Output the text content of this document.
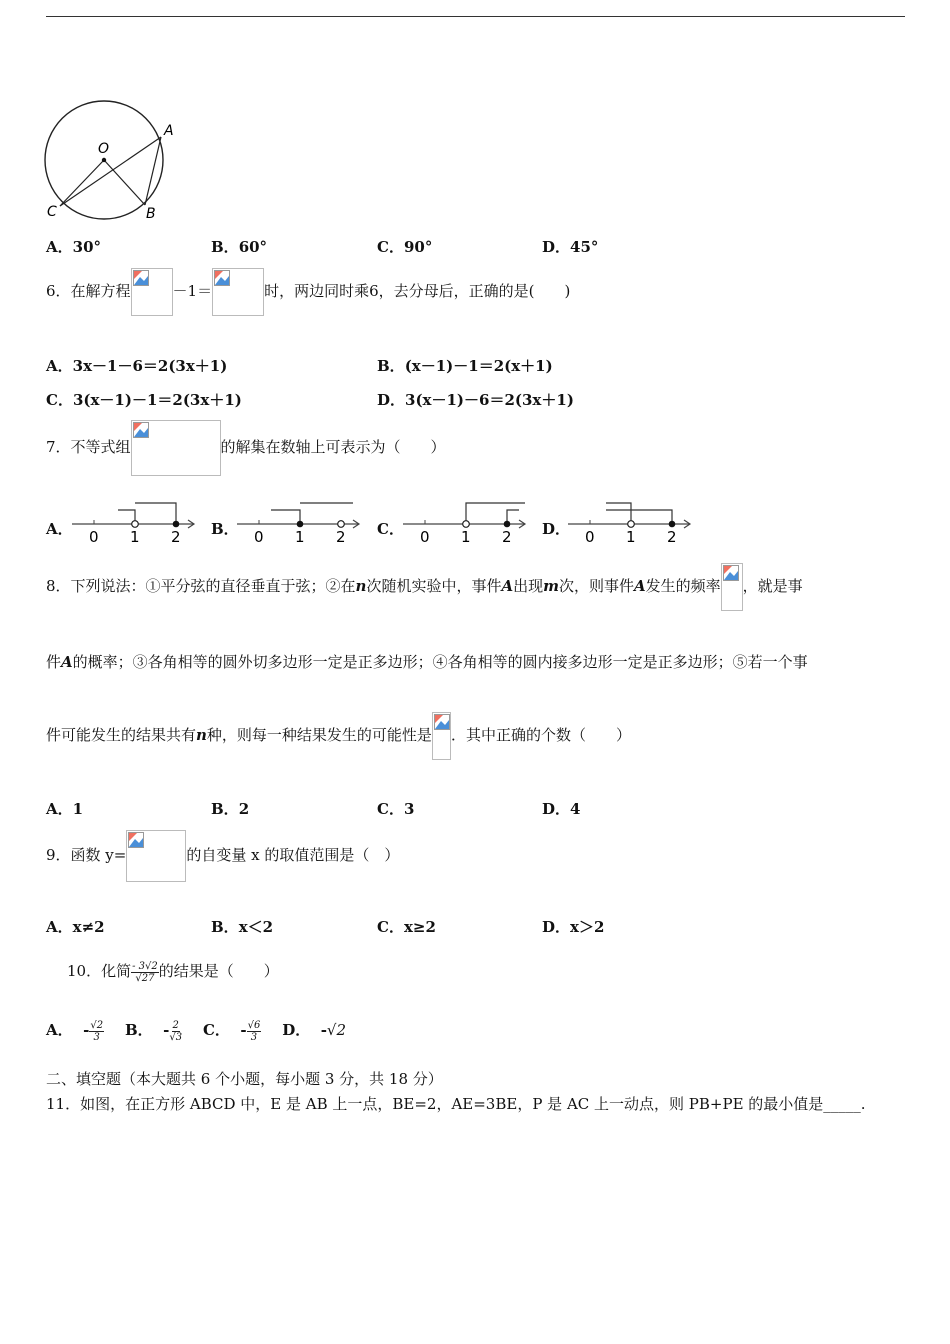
O
A
B
C
A．30°	B．60°	C．90°	D．45°
6．在解方程	－1＝	时，两边同时乘6，去分母后，正确的是(　　)
A．3x－1－6＝2(3x＋1)	B．(x－1)－1＝2(x＋1)
C．3(x－1)－1＝2(3x＋1)	D．3(x－1)－6＝2(3x＋1)
7．不等式组	的解集在数轴上可表示为（　　）
A． 0 1 2 B． 0 1 2 C． 0 1 2 D． 0 1 2
8．下列说法：①平分弦的直径垂直于弦；②在n次随机实验中，事件A出现m次，则事件A发生的频率 ，就是事
件A的概率；③各角相等的圆外切多边形一定是正多边形；④各角相等的圆内接多边形一定是正多边形；⑤若一个事
件可能发生的结果共有n种，则每一种结果发生的可能性是 ．其中正确的个数（　　）
A．1	B．2	C．3	D．4
9．函数 y=	的自变量 x 的取值范围是（　）
A．x≠2	B．x＜2	C．x≥2	D．x＞2
10．化简 $\frac{- 3√2}{√27}$ 的结果是（　　）
A． - $\frac{√2}{3}$ B． - $\frac{2}{√3}$ C． - $\frac{√6}{3}$ D． -√2
二、填空题（本大题共 6 个小题，每小题 3 分，共 18 分）
11．如图，在正方形 ABCD 中，E 是 AB 上一点，BE=2，AE=3BE，P 是 AC 上一动点，则 PB+PE 的最小值是_____.
